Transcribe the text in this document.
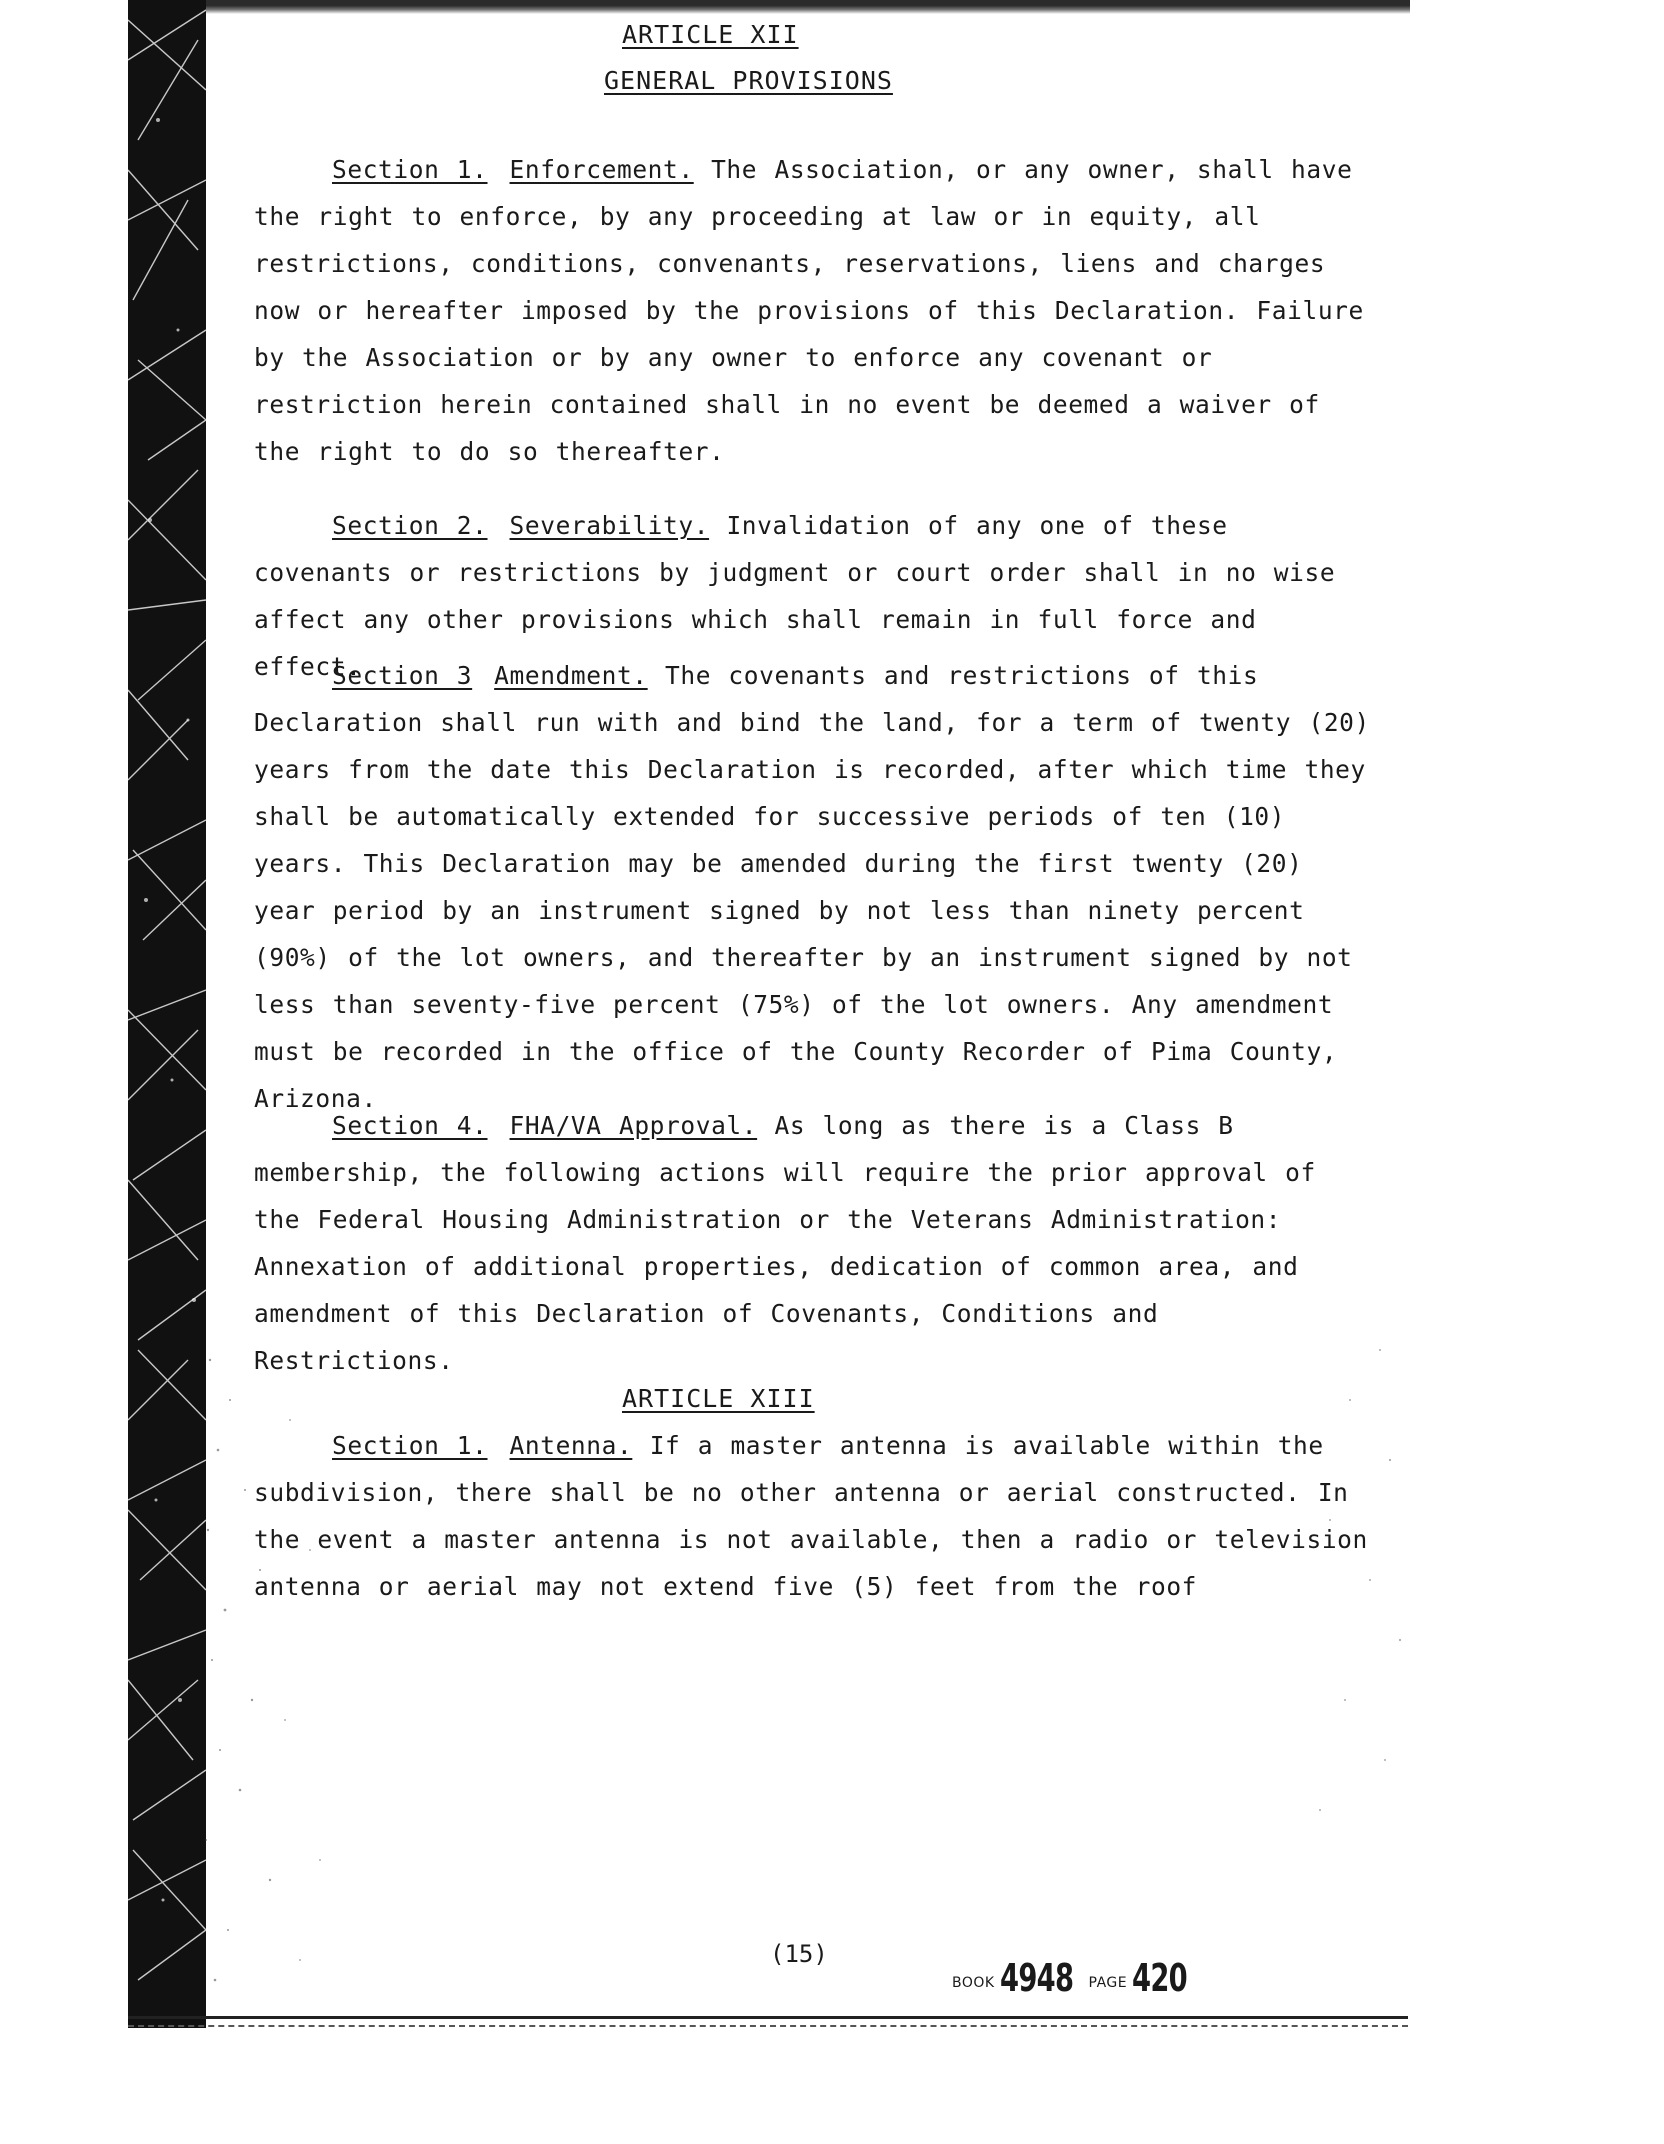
ARTICLE XII
GENERAL PROVISIONS

Section 1. Enforcement. The Association, or any owner, shall have the right to enforce, by any proceeding at law or in equity, all restrictions, conditions, convenants, reservations, liens and charges now or hereafter imposed by the provisions of this Declaration. Failure by the Association or by any owner to enforce any covenant or restriction herein contained shall in no event be deemed a waiver of the right to do so thereafter.

Section 2. Severability. Invalidation of any one of these covenants or restrictions by judgment or court order shall in no wise affect any other provisions which shall remain in full force and effect.

Section 3 Amendment. The covenants and restrictions of this Declaration shall run with and bind the land, for a term of twenty (20) years from the date this Declaration is recorded, after which time they shall be automatically extended for successive periods of ten (10) years. This Declaration may be amended during the first twenty (20) year period by an instrument signed by not less than ninety percent (90%) of the lot owners, and thereafter by an instrument signed by not less than seventy-five percent (75%) of the lot owners. Any amendment must be recorded in the office of the County Recorder of Pima County, Arizona.

Section 4. FHA/VA Approval. As long as there is a Class B membership, the following actions will require the prior approval of the Federal Housing Administration or the Veterans Administration: Annexation of additional properties, dedication of common area, and amendment of this Declaration of Covenants, Conditions and Restrictions.

ARTICLE XIII

Section 1. Antenna. If a master antenna is available within the subdivision, there shall be no other antenna or aerial constructed. In the event a master antenna is not available, then a radio or television antenna or aerial may not extend five (5) feet from the roof

(15)
BOOK 4948 PAGE 420
